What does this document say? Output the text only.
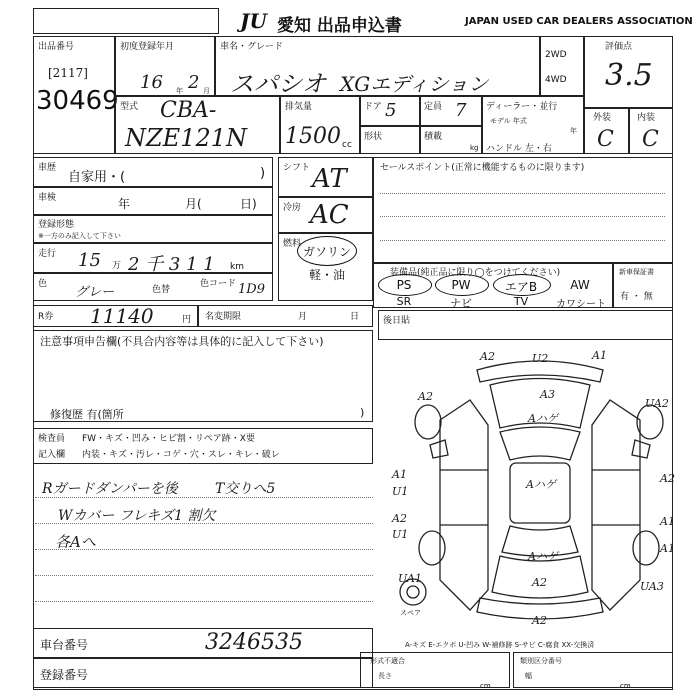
JU 愛知 出品申込書	JAPAN USED CAR DEALERS ASSOCIATION
出品番号
[2117]
30469
初度登録年月
16 年 2 月
車名・グレード
スパシオ XGエディション
2WD
4WD
評価点
3.5
型式 CBA-
NZE121N
排気量
1500 cc
ドア 5	定員 7
形状	積載
kg
ディーラー・並行
モデル 年式
年
ハンドル 左・右
外装
C
内装
C
車歴
自家用・(	)
車検	年	月(	日)
登録形態
※一方のみ記入して下さい
走行 15 万 2 千 3 1 1 km
色
グレー	色替
色コード 1D9
シフト AT
冷房 AC
燃料
ガソリン
軽・油
セールスポイント(正常に機能するものに限ります)
装備品(純正品に限り◯をつけてください)
PS	PW	エアB	AW
SR	ナビ	TV	カワシート
新車保証書
有 ・ 無
R券 11140	円 名変期限	月	日	後日貼
注意事項申告欄(不具合内容等は具体的に記入して下さい)
修復歴 有(箇所	)
検査員
記入欄
FW・キズ・凹み・ヒビ割・リペア跡・X要
内装・キズ・汚レ・コゲ・穴・スレ・キレ・破レ
Rガードダンパーを後	T交りへ5
Wカバー フレキズ1 割欠
各Aへ
車台番号	3246535
登録番号
A-キズ E-エクボ U-凹み W-補修跡 S-サビ C-腐食 XX-交換済
形式不適合
長さ
cm
類別区分番号
幅
cm
A2	U2	A1
A3
Aハゲ
A2
UA2
Aハゲ
A1
U1
A2
U1
A2
A1
A1
Aハゲ
UA1
UA3
A2
A2
スペア
